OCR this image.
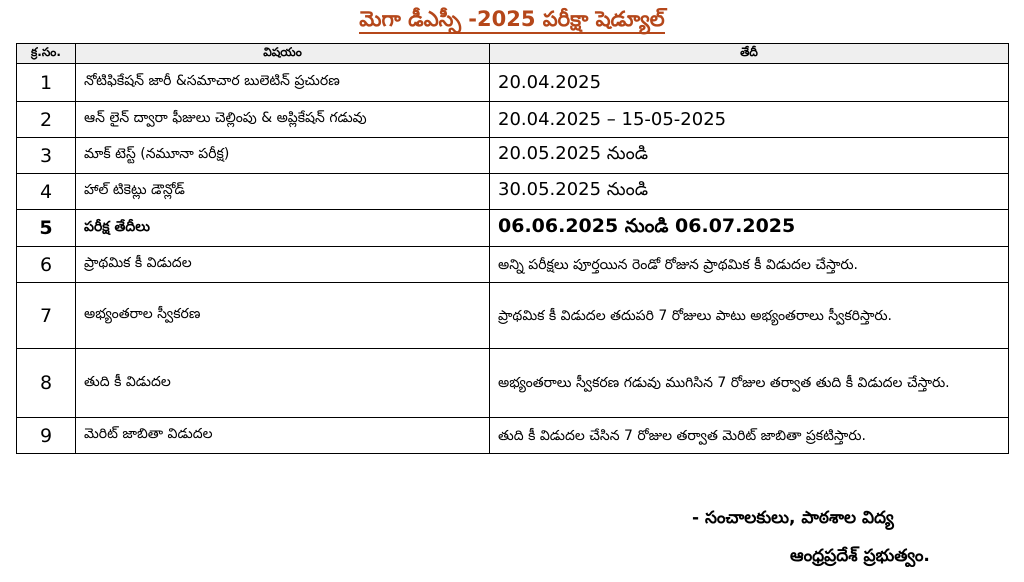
మెగా డీఎస్సీ -2025 పరీక్షా షెడ్యూల్
క్ర.సం.	విషయం	తేదీ
1	నోటిఫికేషన్ జారీ &సమాచార బులెటిన్ ప్రచురణ	20.04.2025
2	ఆన్ లైన్ ద్వారా ఫీజులు చెల్లింపు & అప్లికేషన్ గడువు	20.04.2025 – 15-05-2025
3	మాక్ టెస్ట్ (నమూనా పరీక్ష)	20.05.2025 నుండి
4	హాల్ టికెట్లు డౌన్లోడ్	30.05.2025 నుండి
5	పరీక్ష తేదీలు	06.06.2025 నుండి 06.07.2025
6	ప్రాథమిక కీ విడుదల	అన్ని పరీక్షలు పూర్తయిన రెండో రోజున ప్రాథమిక కీ విడుదల చేస్తారు.
7	అభ్యంతరాల స్వీకరణ	ప్రాథమిక కీ విడుదల తదుపరి 7 రోజులు పాటు అభ్యంతరాలు స్వీకరిస్తారు.
8	తుది కీ విడుదల	అభ్యంతరాలు స్వీకరణ గడువు ముగిసిన 7 రోజుల తర్వాత తుది కీ విడుదల చేస్తారు.
9	మెరిట్ జాబితా విడుదల	తుది కీ విడుదల చేసిన 7 రోజుల తర్వాత మెరిట్ జాబితా ప్రకటిస్తారు.
- సంచాలకులు, పాఠశాల విద్య
ఆంధ్రప్రదేశ్ ప్రభుత్వం.
